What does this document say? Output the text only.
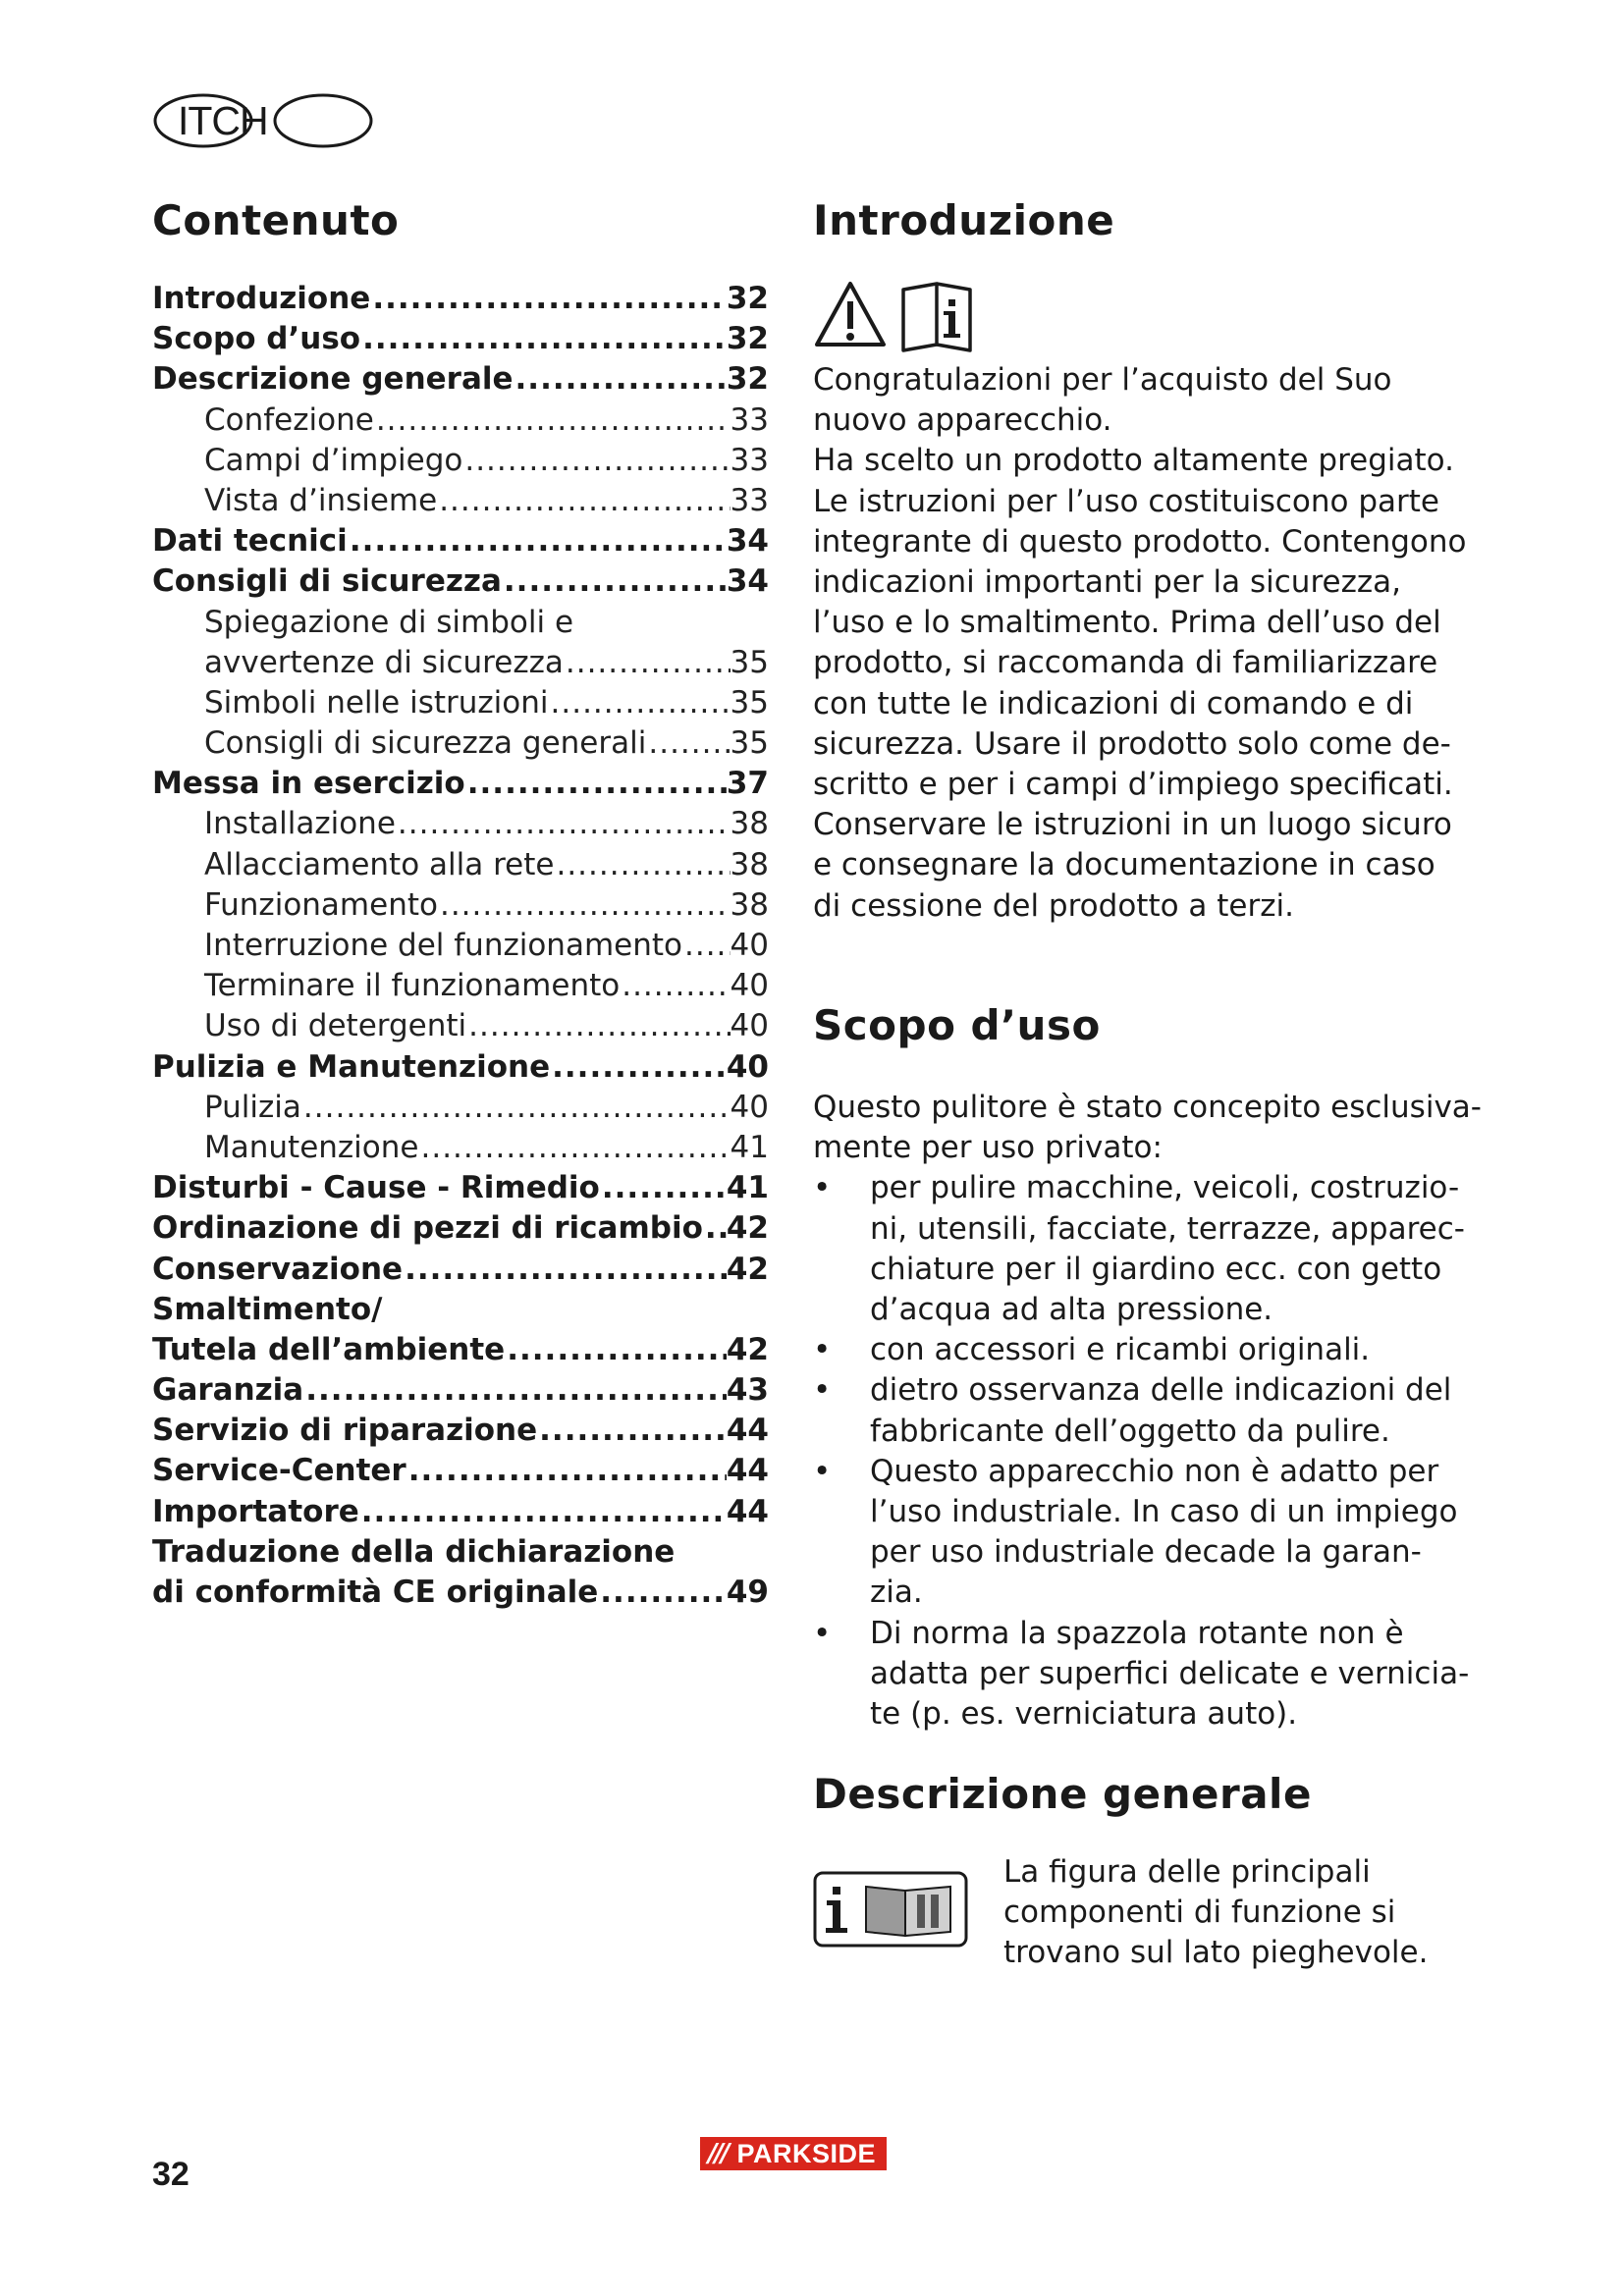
ITCH
Contenuto
Introduzione .....	32
Scopo d’uso .....	32
Descrizione generale .....	32
Confezione .....	33
Campi d’impiego .....	33
Vista d’insieme .....	33
Dati tecnici .....	34
Consigli di sicurezza .....	34
Spiegazione di simboli e
avvertenze di sicurezza .....	35
Simboli nelle istruzioni .....	35
Consigli di sicurezza generali .....	35
Messa in esercizio .....	37
Installazione .....	38
Allacciamento alla rete .....	38
Funzionamento .....	38
Interruzione del funzionamento ..... 40
Terminare il funzionamento .....	40
Uso di detergenti .....	40
Pulizia e Manutenzione .....	40
Pulizia .....	40
Manutenzione .....	41
Disturbi - Cause - Rimedio .....	41
Ordinazione di pezzi di ricambio ..... 42
Conservazione .....	42
Smaltimento/
Tutela dell’ambiente .....	42
Garanzia .....	43
Servizio di riparazione .....	44
Service-Center .....	44
Importatore .....	44
Traduzione della dichiarazione
di conformità CE originale .....	49
Introduzione

Congratulazioni per l’acquisto del Suo
nuovo apparecchio.
Ha scelto un prodotto altamente pregiato.
Le istruzioni per l’uso costituiscono parte
integrante di questo prodotto. Contengono
indicazioni importanti per la sicurezza,
l’uso e lo smaltimento. Prima dell’uso del
prodotto, si raccomanda di familiarizzare
con tutte le indicazioni di comando e di
sicurezza. Usare il prodotto solo come de-
scritto e per i campi d’impiego specificati.
Conservare le istruzioni in un luogo sicuro
e consegnare la documentazione in caso
di cessione del prodotto a terzi.

Scopo d’uso

Questo pulitore è stato concepito esclusiva-
mente per uso privato:

• per pulire macchine, veicoli, costruzio-
ni, utensili, facciate, terrazze, apparec-
chiature per il giardino ecc. con getto
d’acqua ad alta pressione.
• con accessori e ricambi originali.
• dietro osservanza delle indicazioni del
fabbricante dell’oggetto da pulire.
• Questo apparecchio non è adatto per
l’uso industriale. In caso di un impiego
per uso industriale decade la garan-
zia.
• Di norma la spazzola rotante non è
adatta per superfici delicate e vernicia-
te (p. es. verniciatura auto).
Descrizione generale
La figura delle principali
componenti di funzione si
trovano sul lato pieghevole.
32
/// PARKSIDE
